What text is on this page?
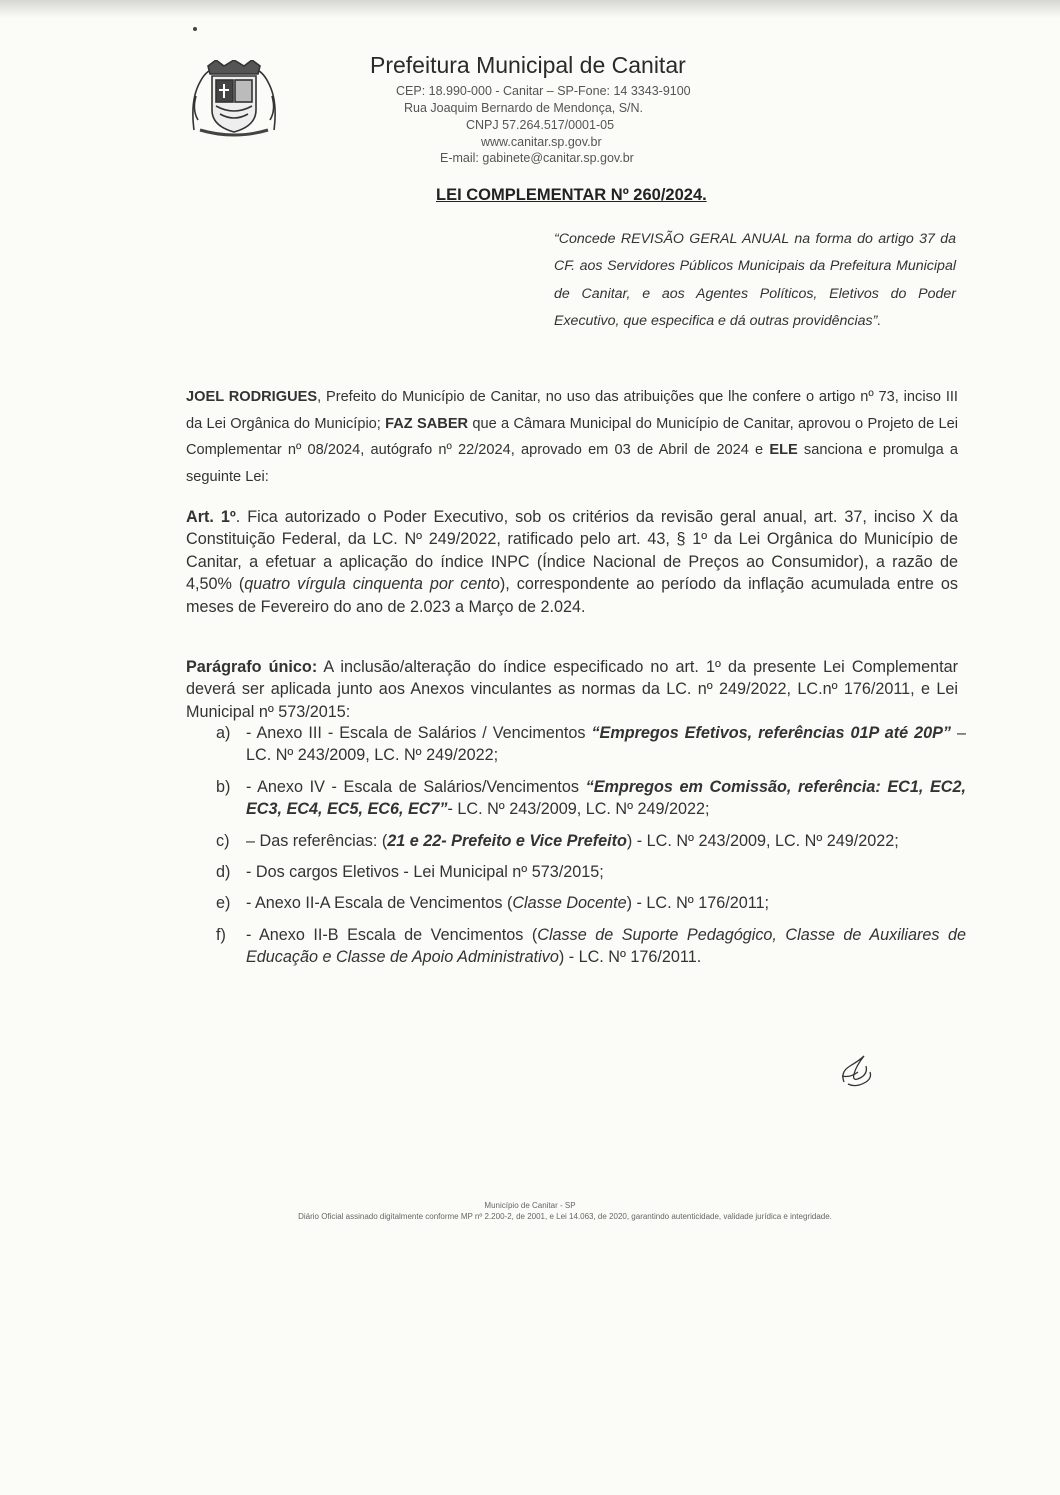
Prefeitura Municipal de Canitar
CEP: 18.990-000 - Canitar – SP-Fone: 14 3343-9100
Rua Joaquim Bernardo de Mendonça, S/N.
CNPJ 57.264.517/0001-05
www.canitar.sp.gov.br
E-mail: gabinete@canitar.sp.gov.br
LEI COMPLEMENTAR Nº 260/2024.
“Concede REVISÃO GERAL ANUAL na forma do artigo 37 da CF. aos Servidores Públicos Municipais da Prefeitura Municipal de Canitar, e aos Agentes Políticos, Eletivos do Poder Executivo, que especifica e dá outras providências”.
JOEL RODRIGUES, Prefeito do Município de Canitar, no uso das atribuições que lhe confere o artigo nº 73, inciso III da Lei Orgânica do Município; FAZ SABER que a Câmara Municipal do Município de Canitar, aprovou o Projeto de Lei Complementar nº 08/2024, autógrafo nº 22/2024, aprovado em 03 de Abril de 2024 e ELE sanciona e promulga a seguinte Lei:
Art. 1º. Fica autorizado o Poder Executivo, sob os critérios da revisão geral anual, art. 37, inciso X da Constituição Federal, da LC. Nº 249/2022, ratificado pelo art. 43, § 1º da Lei Orgânica do Município de Canitar, a efetuar a aplicação do índice INPC (Índice Nacional de Preços ao Consumidor), a razão de 4,50% (quatro vírgula cinquenta por cento), correspondente ao período da inflação acumulada entre os meses de Fevereiro do ano de 2.023 a Março de 2.024.
Parágrafo único: A inclusão/alteração do índice especificado no art. 1º da presente Lei Complementar deverá ser aplicada junto aos Anexos vinculantes as normas da LC. nº 249/2022, LC.nº 176/2011, e Lei Municipal nº 573/2015:
a) - Anexo III - Escala de Salários / Vencimentos “Empregos Efetivos, referências 01P até 20P” – LC. Nº 243/2009, LC. Nº 249/2022;
b) - Anexo IV - Escala de Salários/Vencimentos “Empregos em Comissão, referência: EC1, EC2, EC3, EC4, EC5, EC6, EC7”- LC. Nº 243/2009, LC. Nº 249/2022;
c) – Das referências: (21 e 22- Prefeito e Vice Prefeito) - LC. Nº 243/2009, LC. Nº 249/2022;
d) - Dos cargos Eletivos - Lei Municipal nº 573/2015;
e) - Anexo II-A Escala de Vencimentos (Classe Docente) - LC. Nº 176/2011;
f) - Anexo II-B Escala de Vencimentos (Classe de Suporte Pedagógico, Classe de Auxiliares de Educação e Classe de Apoio Administrativo) - LC. Nº 176/2011.
Município de Canitar - SP
Diário Oficial assinado digitalmente conforme MP nº 2.200-2, de 2001, e Lei 14.063, de 2020, garantindo autenticidade, validade jurídica e integridade.
